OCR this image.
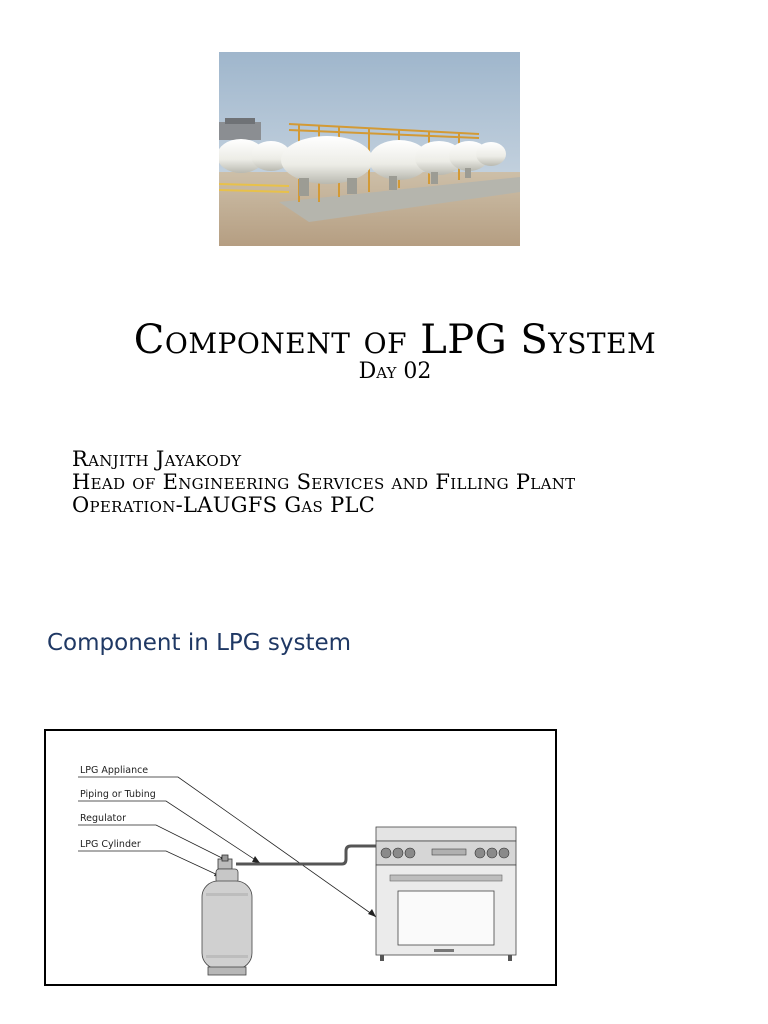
Component of LPG System
Day 02
Ranjith Jayakody
Head of Engineering Services and Filling Plant
Operation-LAUGFS Gas PLC
Component in LPG system
LPG Appliance
Piping or Tubing
Regulator
LPG Cylinder
